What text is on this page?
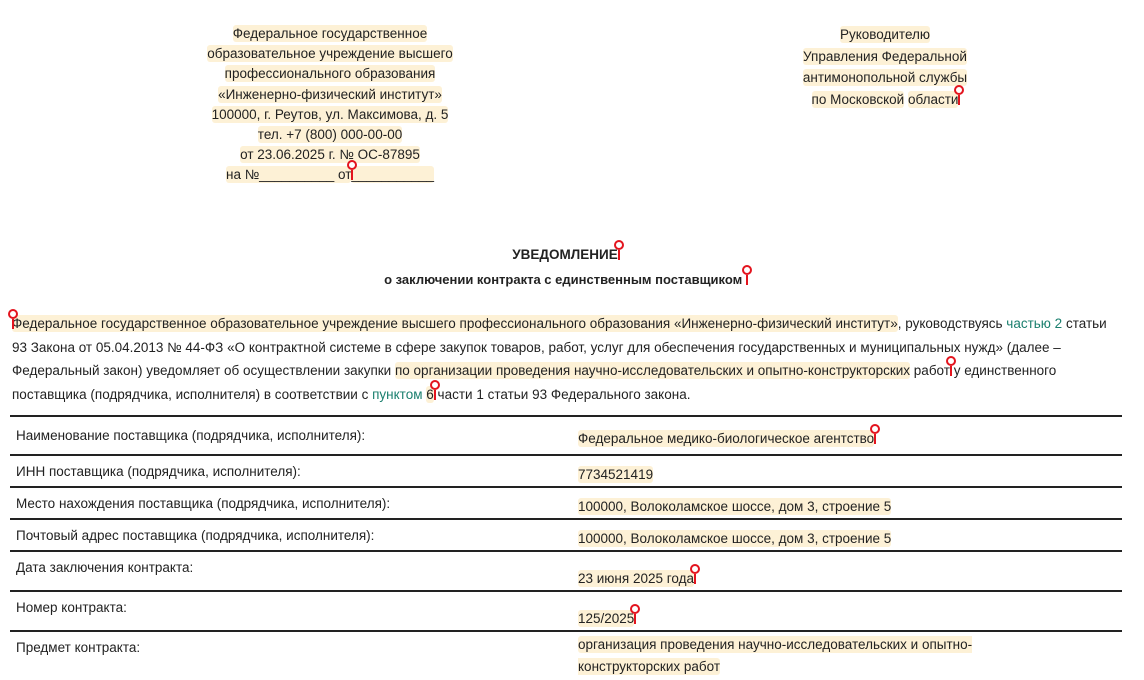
Федеральное государственное
образовательное учреждение высшего
профессионального образования
«Инженерно-физический институт»
100000, г. Реутов, ул. Максимова, д. 5
тел. +7 (800) 000-00-00
от 23.06.2025 г. № ОС-87895
на №__________ от___________
Руководителю
Управления Федеральной
антимонопольной службы
по Московской области
УВЕДОМЛЕНИЕ
о заключении контракта с единственным поставщиком
Федеральное государственное образовательное учреждение высшего профессионального образования «Инженерно-физический институт», руководствуясь частью 2 статьи 93 Закона от 05.04.2013 № 44-ФЗ «О контрактной системе в сфере закупок товаров, работ, услуг для обеспечения государственных и муниципальных нужд» (далее – Федеральный закон) уведомляет об осуществлении закупки по организации проведения научно-исследовательских и опытно-конструкторских работ у единственного поставщика (подрядчика, исполнителя) в соответствии с пунктом 6 части 1 статьи 93 Федерального закона.
Наименование поставщика (подрядчика, исполнителя):	Федеральное медико-биологическое агентство
ИНН поставщика (подрядчика, исполнителя):	7734521419
Место нахождения поставщика (подрядчика, исполнителя):	100000, Волоколамское шоссе, дом 3, строение 5
Почтовый адрес поставщика (подрядчика, исполнителя):	100000, Волоколамское шоссе, дом 3, строение 5
Дата заключения контракта:	23 июня 2025 года
Номер контракта:	125/2025
Предмет контракта:	организация проведения научно-исследовательских и опытно-конструкторских работ
